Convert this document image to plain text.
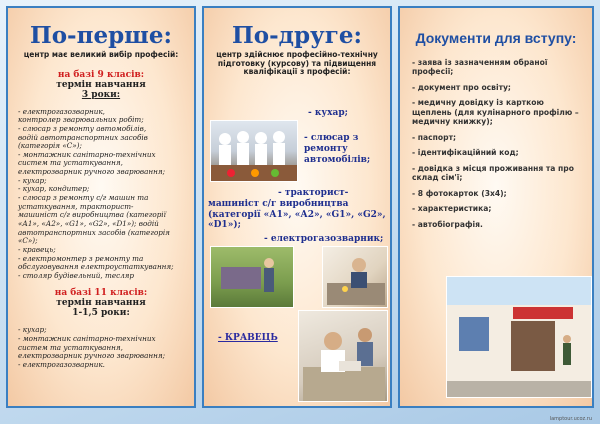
По-перше:
центр має великий вибір професій:
на базі 9 класів:
термін навчання
3 роки:
- електрогазозварник,
контролер зварювальних робіт;
- слюсар з ремонту автомобілів,
водій автотранспортних засобів
(категорія «С»);
- монтажник санітарно-технічних
систем та устаткування,
електрозварник ручного зварювання;
- кухар;
- кухар, кондитер;
- слюсар з ремонту с/г машин та
устаткування, тракторист-
машиніст с/г виробництва (категорії
«А1», «А2», «G1», «G2», «D1»); водій
автотранспортних засобів (категорія
«С»);
- кравець;
- електромонтер з ремонту та
обслуговування електроустаткування;
- столяр будівельний, тесляр
на базі 11 класів:
термін навчання
1-1,5 роки:
- кухар;
- монтажник санітарно-технічних
систем та устаткування,
електрозварник ручного зварювання;
- електрогазозварник.
По-друге:
центр здійснює професійно-технічну підготовку (курсову) та підвищення кваліфікації з професій:
- кухар;
- слюсар з ремонту автомобілів;
- тракторист-машиніст с/г виробництва (категорії «А1», «А2», «G1», «G2», «D1»);
- електрогазозварник;
- КРАВЕЦЬ
Документи для вступу:
- заява із зазначенням обраної професії;
- документ про освіту;
- медичну довідку із карткою щеплень (для кулінарного профілю – медичну книжку);
- паспорт;
- ідентифікаційний код;
- довідка з місця проживання та про склад сім'ї;
- 8 фотокарток (3х4);
- характеристика;
- автобіографія.
lamptour.ucoz.ru
